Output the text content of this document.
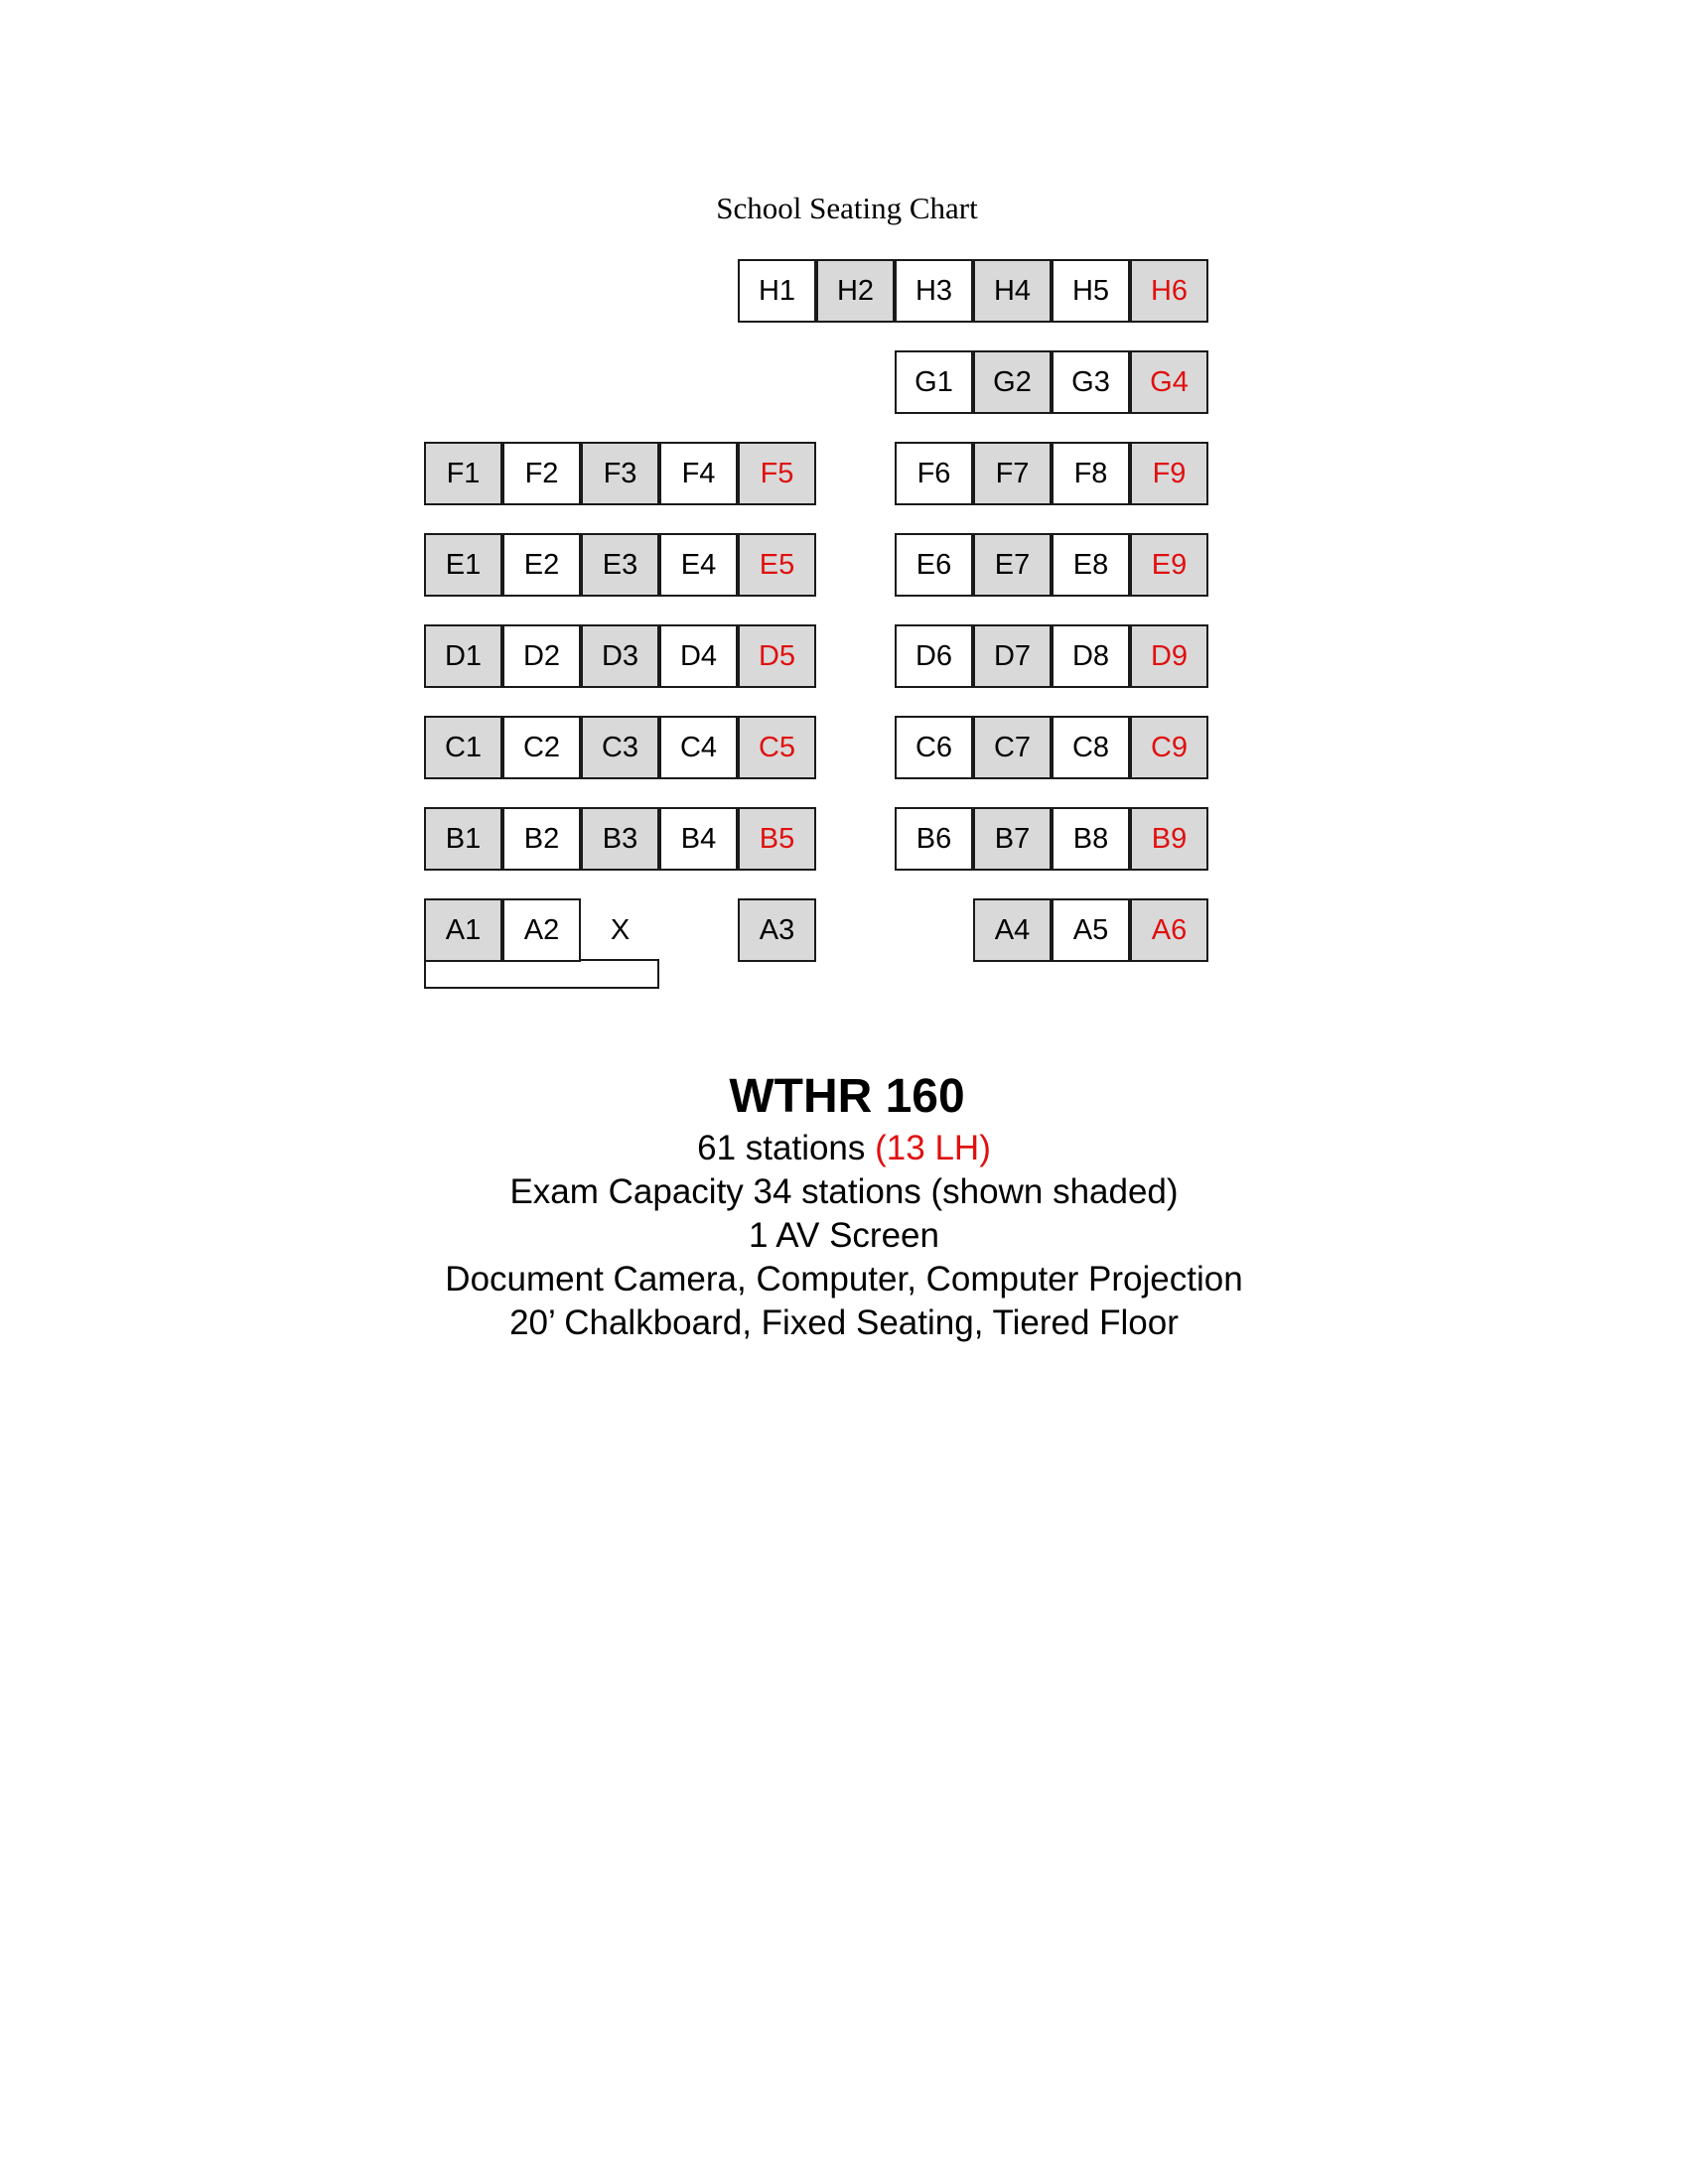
School Seating Chart
H1	H2	H3	H4	H5	H6
G1	G2	G3	G4
F1	F2	F3	F4	F5	F6	F7	F8	F9
E1	E2	E3	E4	E5	E6	E7	E8	E9
D1	D2	D3	D4	D5	D6	D7	D8	D9
C1	C2	C3	C4	C5	C6	C7	C8	C9
B1	B2	B3	B4	B5	B6	B7	B8	B9
A1	A2	X	A3	A4	A5	A6
WTHR 160
61 stations (13 LH)
Exam Capacity 34 stations (shown shaded)
1 AV Screen
Document Camera, Computer, Computer Projection
20’ Chalkboard, Fixed Seating, Tiered Floor
